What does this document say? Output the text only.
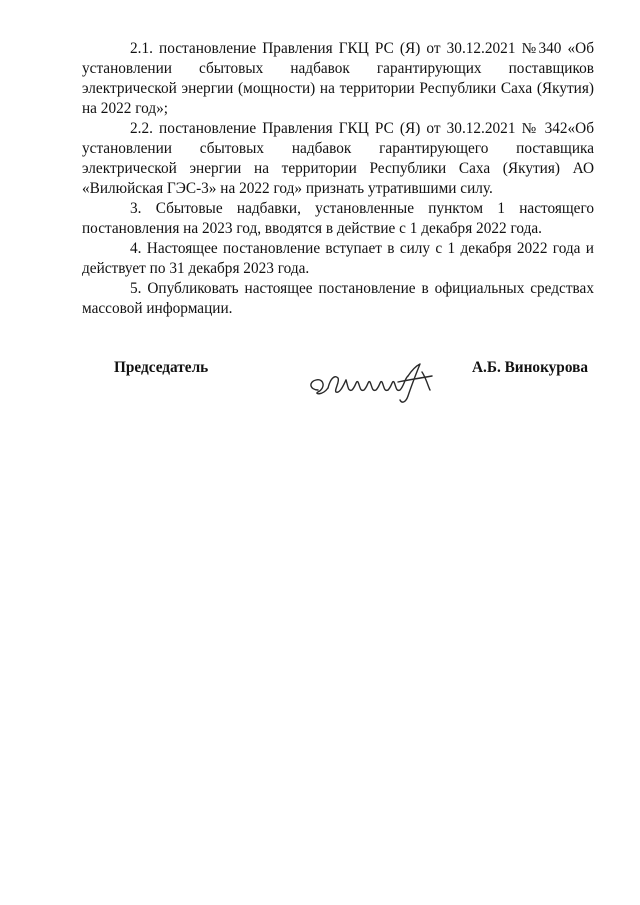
2.1. постановление Правления ГКЦ РС (Я) от 30.12.2021 №340 «Об установлении сбытовых надбавок гарантирующих поставщиков электрической энергии (мощности) на территории Республики Саха (Якутия) на 2022 год»;

2.2. постановление Правления ГКЦ РС (Я) от 30.12.2021 № 342«Об установлении сбытовых надбавок гарантирующего поставщика электрической энергии на территории Республики Саха (Якутия) АО «Вилюйская ГЭС-3» на 2022 год» признать утратившими силу.

3. Сбытовые надбавки, установленные пунктом 1 настоящего постановления на 2023 год, вводятся в действие с 1 декабря 2022 года.

4. Настоящее постановление вступает в силу с 1 декабря 2022 года и действует по 31 декабря 2023 года.

5. Опубликовать настоящее постановление в официальных средствах массовой информации.

Председатель	А.Б. Винокурова
